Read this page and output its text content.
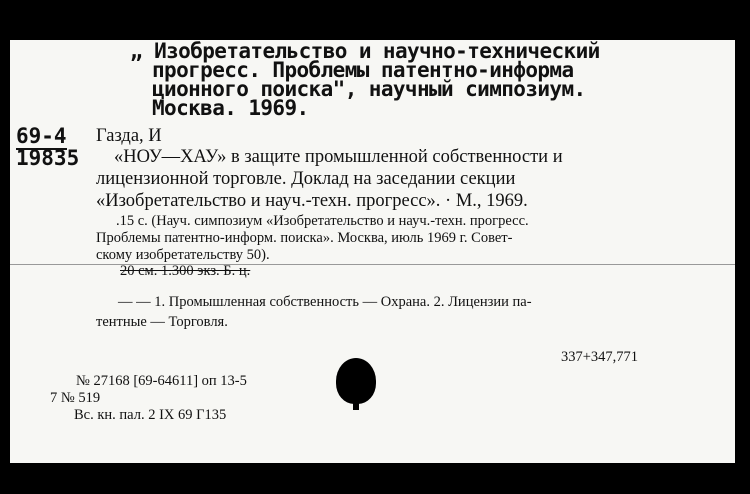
„ Изобретательство и научно-технический
прогресс. Проблемы патентно-информа
ционного поиска", научный симпозиум.
Москва. 1969.
69-4
19835
Газда, И
«НОУ—ХАУ» в защите промышленной собственности и
лицензионной торговле. Доклад на заседании секции
«Изобретательство и науч.-техн. прогресс». · М., 1969.
.15 с. (Науч. симпозиум «Изобретательство и науч.-техн. прогресс.
Проблемы патентно-информ. поиска». Москва, июль 1969 г. Совет-
скому изобретательству 50).
20 см. 1.300 экз. Б. ц.
— — 1. Промышленная собственность — Охрана. 2. Лицензии па-
тентные — Торговля.
337+347,771
№ 27168 [69-64611] оп 13-5
7 № 519
Вс. кн. пал. 2 IX 69 Г135
